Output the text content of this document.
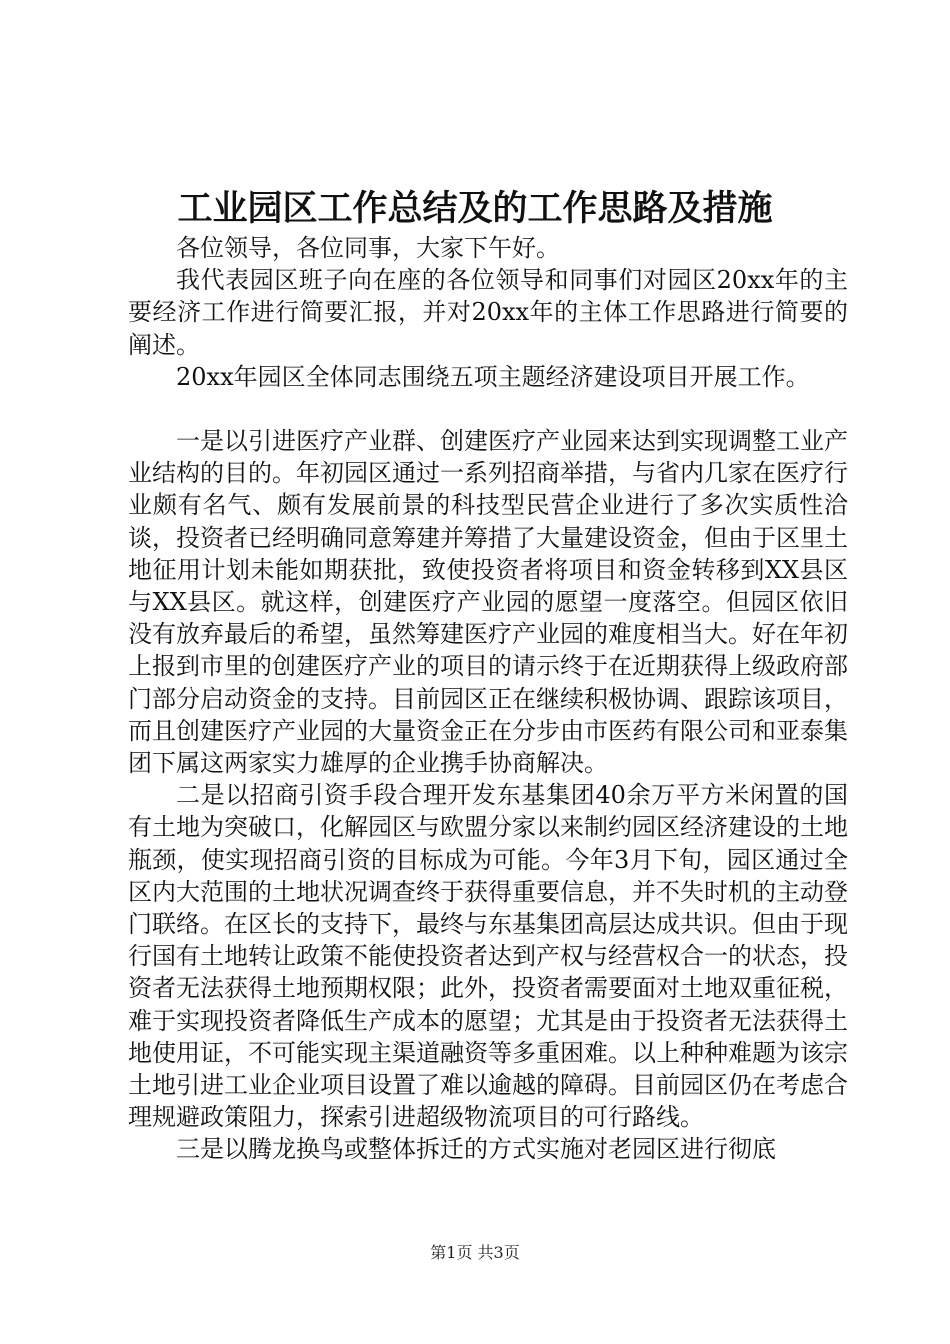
工业园区工作总结及的工作思路及措施

各位领导，各位同事，大家下午好。

我代表园区班子向在座的各位领导和同事们对园区20xx年的主要经济工作进行简要汇报，并对20xx年的主体工作思路进行简要的阐述。

20xx年园区全体同志围绕五项主题经济建设项目开展工作。

一是以引进医疗产业群、创建医疗产业园来达到实现调整工业产业结构的目的。年初园区通过一系列招商举措，与省内几家在医疗行业颇有名气、颇有发展前景的科技型民营企业进行了多次实质性洽谈，投资者已经明确同意筹建并筹措了大量建设资金，但由于区里土地征用计划未能如期获批，致使投资者将项目和资金转移到XX县区与XX县区。就这样，创建医疗产业园的愿望一度落空。但园区依旧没有放弃最后的希望，虽然筹建医疗产业园的难度相当大。好在年初上报到市里的创建医疗产业的项目的请示终于在近期获得上级政府部门部分启动资金的支持。目前园区正在继续积极协调、跟踪该项目，而且创建医疗产业园的大量资金正在分步由市医药有限公司和亚泰集团下属这两家实力雄厚的企业携手协商解决。

二是以招商引资手段合理开发东基集团40余万平方米闲置的国有土地为突破口，化解园区与欧盟分家以来制约园区经济建设的土地瓶颈，使实现招商引资的目标成为可能。今年3月下旬，园区通过全区内大范围的土地状况调查终于获得重要信息，并不失时机的主动登门联络。在区长的支持下，最终与东基集团高层达成共识。但由于现行国有土地转让政策不能使投资者达到产权与经营权合一的状态，投资者无法获得土地预期权限；此外，投资者需要面对土地双重征税，难于实现投资者降低生产成本的愿望；尤其是由于投资者无法获得土地使用证，不可能实现主渠道融资等多重困难。以上种种难题为该宗土地引进工业企业项目设置了难以逾越的障碍。目前园区仍在考虑合理规避政策阻力，探索引进超级物流项目的可行路线。

三是以腾龙换鸟或整体拆迁的方式实施对老园区进行彻底

第1页 共3页
